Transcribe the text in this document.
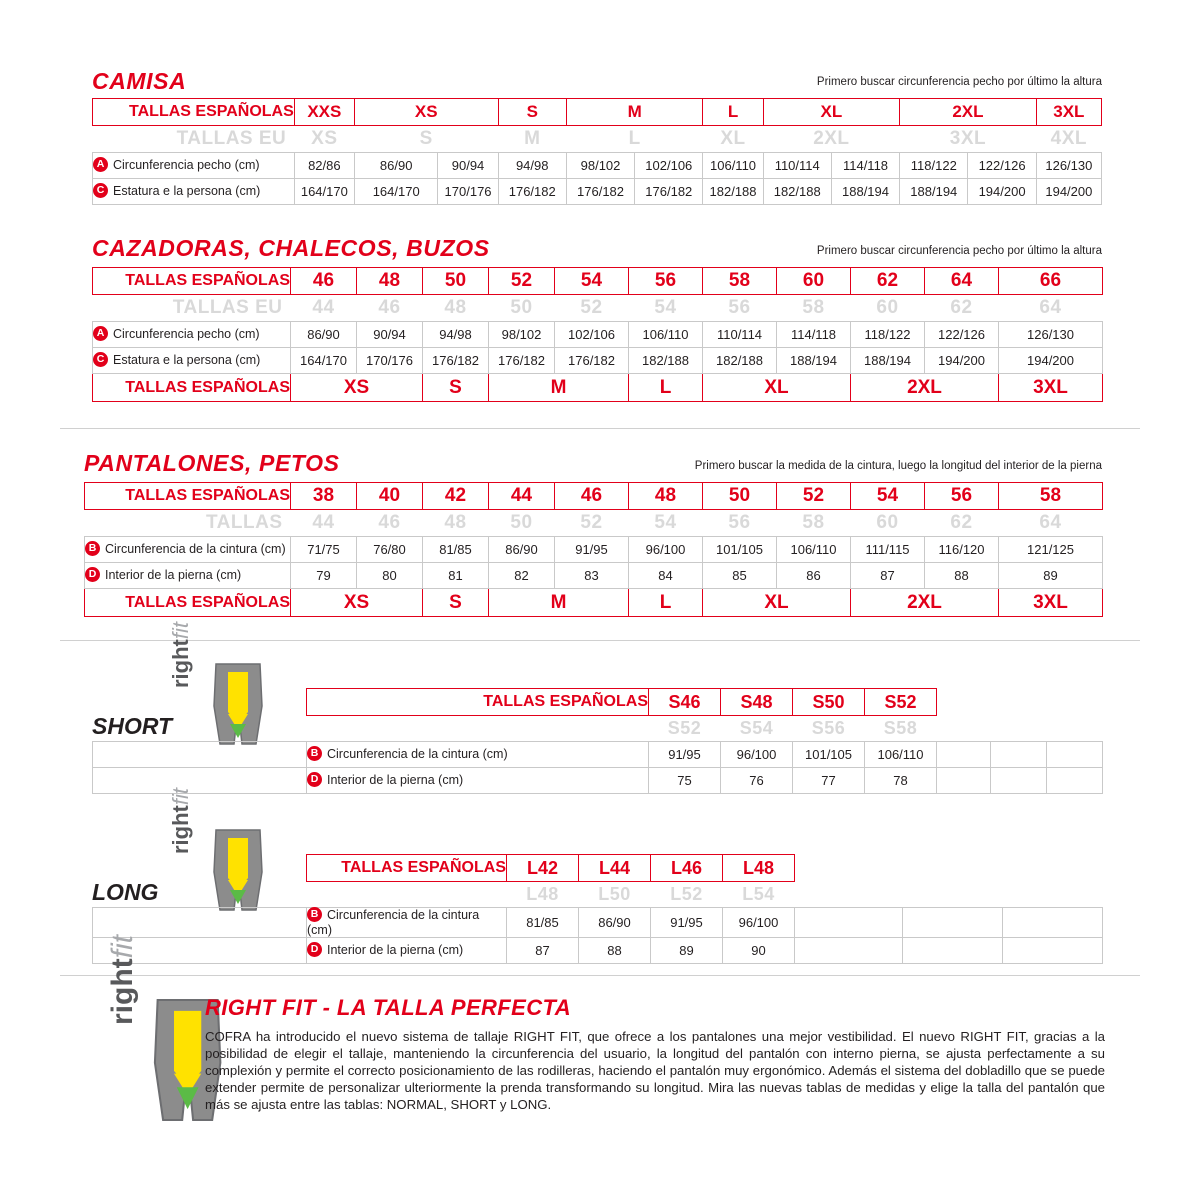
CAMISA	Primero buscar circunferencia pecho por último la altura
TALLAS ESPAÑOLAS	XXS	XS		S	M		L	XL		2XL		3XL
TALLAS EU	XS	S		M	L		XL	2XL		3XL		4XL
A Circunferencia pecho (cm)	82/86	86/90	90/94	94/98	98/102	102/106	106/110	110/114	114/118	118/122	122/126	126/130
C Estatura e la persona (cm)	164/170	164/170	170/176	176/182	176/182	176/182	182/188	182/188	188/194	188/194	194/200	194/200
CAZADORAS, CHALECOS, BUZOS	Primero buscar circunferencia pecho por último la altura
TALLAS ESPAÑOLAS	46	48	50	52	54	56	58	60	62	64	66
TALLAS EU	44	46	48	50	52	54	56	58	60	62	64
A Circunferencia pecho (cm)	86/90	90/94	94/98	98/102	102/106	106/110	110/114	114/118	118/122	122/126	126/130
C Estatura e la persona (cm)	164/170	170/176	176/182	176/182	176/182	182/188	182/188	188/194	188/194	194/200	194/200
TALLAS ESPAÑOLAS	XS		S	M		L	XL		2XL		3XL
PANTALONES, PETOS	Primero buscar la medida de la cintura, luego la longitud del interior de la pierna
TALLAS ESPAÑOLAS	38	40	42	44	46	48	50	52	54	56	58
TALLAS	44	46	48	50	52	54	56	58	60	62	64
B Circunferencia de la cintura (cm)	71/75	76/80	81/85	86/90	91/95	96/100	101/105	106/110	111/115	116/120	121/125
D Interior de la pierna (cm)	79	80	81	82	83	84	85	86	87	88	89
TALLAS ESPAÑOLAS	XS		S	M		L	XL		2XL		3XL
rightfit
SHORT
	TALLAS ESPAÑOLAS	S46	S48	S50	S52			
		S52	S54	S56	S58			
	B Circunferencia de la cintura (cm)	91/95	96/100	101/105	106/110			
	D Interior de la pierna (cm)	75	76	77	78			
rightfit
LONG
	TALLAS ESPAÑOLAS	L42	L44	L46	L48			
		L48	L50	L52	L54			
	B Circunferencia de la cintura (cm)	81/85	86/90	91/95	96/100			
	D Interior de la pierna (cm)	87	88	89	90			
rightfit
RIGHT FIT - LA TALLA PERFECTA
COFRA ha introducido el nuevo sistema de tallaje RIGHT FIT, que ofrece a los pantalones una mejor vestibilidad. El nuevo RIGHT FIT, gracias a la posibilidad de elegir el tallaje, manteniendo la circunferencia del usuario, la longitud del pantalón con interno pierna, se ajusta perfectamente a su complexión y permite el correcto posicionamiento de las rodilleras, haciendo el pantalón muy ergonómico. Además el sistema del dobladillo que se puede extender permite de personalizar ulteriormente la prenda transformando su longitud. Mira las nuevas tablas de medidas y elige la talla del pantalón que más se ajusta entre las tablas: NORMAL, SHORT y LONG.
